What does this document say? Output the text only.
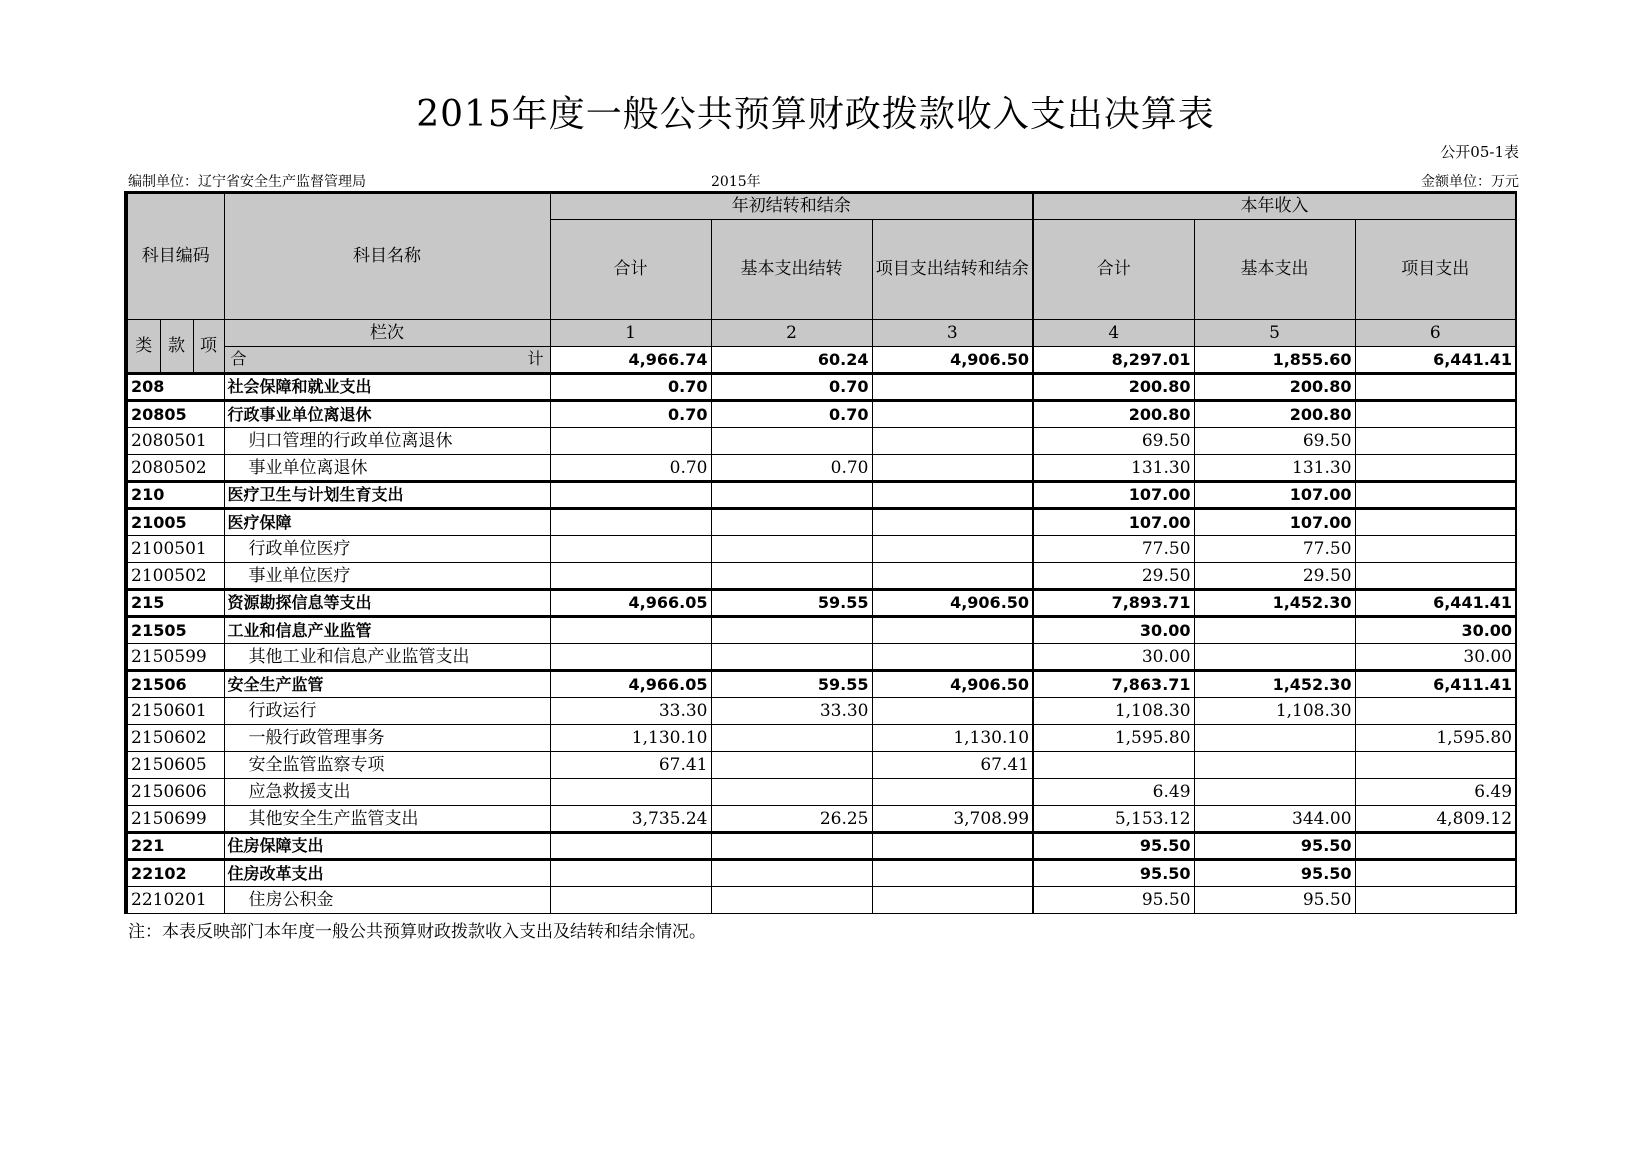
2015年度一般公共预算财政拨款收入支出决算表
公开05-1表
编制单位：辽宁省安全生产监督管理局	2015年	金额单位：万元
科目编码			科目名称	年初结转和结余			本年收入		
				合计	基本支出结转	项目支出结转和结余	合计	基本支出	项目支出
类	款	项	栏次	1	2	3	4	5	6

			合 计	4,966.74	60.24	4,906.50	8,297.01	1,855.60	6,441.41
208			社会保障和就业支出	0.70	0.70		200.80	200.80	
20805			行政事业单位离退休	0.70	0.70		200.80	200.80	
2080501			归口管理的行政单位离退休				69.50	69.50	
2080502			事业单位离退休	0.70	0.70		131.30	131.30	
210			医疗卫生与计划生育支出				107.00	107.00	
21005			医疗保障				107.00	107.00	
2100501			行政单位医疗				77.50	77.50	
2100502			事业单位医疗				29.50	29.50	
215			资源勘探信息等支出	4,966.05	59.55	4,906.50	7,893.71	1,452.30	6,441.41
21505			工业和信息产业监管				30.00		30.00
2150599			其他工业和信息产业监管支出				30.00		30.00
21506			安全生产监管	4,966.05	59.55	4,906.50	7,863.71	1,452.30	6,411.41
2150601			行政运行	33.30	33.30		1,108.30	1,108.30	
2150602			一般行政管理事务	1,130.10		1,130.10	1,595.80		1,595.80
2150605			安全监管监察专项	67.41		67.41			
2150606			应急救援支出				6.49		6.49
2150699			其他安全生产监管支出	3,735.24	26.25	3,708.99	5,153.12	344.00	4,809.12
221			住房保障支出				95.50	95.50	
22102			住房改革支出				95.50	95.50	
2210201			住房公积金				95.50	95.50	
注：本表反映部门本年度一般公共预算财政拨款收入支出及结转和结余情况。
